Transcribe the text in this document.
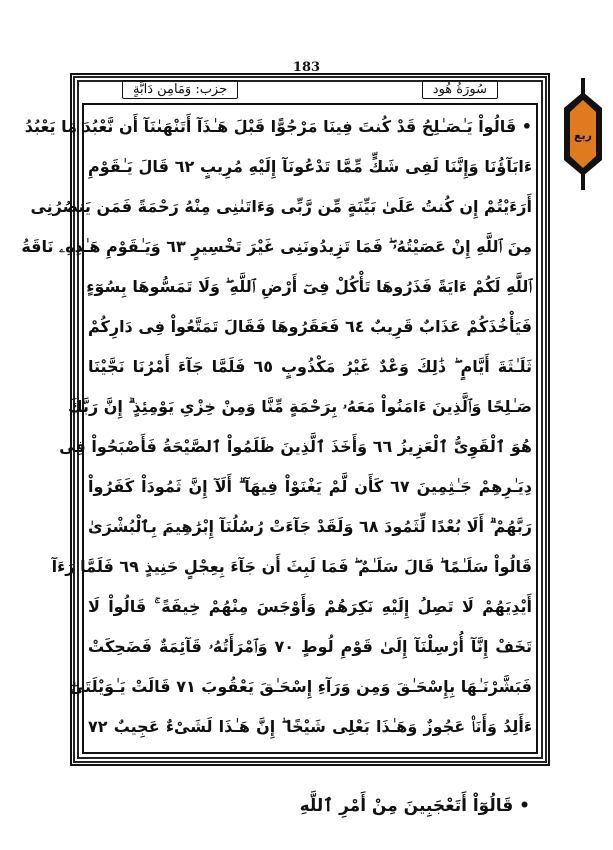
183
سُورَةُ هُود
جزب: وَمَامِن دَآبَّةٍ
• قَالُواْ يَـٰصَـٰلِحُ قَدْ كُنتَ فِينَا مَرْجُوًّا قَبْلَ هَـٰذَآ أَتَنْهَىٰنَآ أَن نَّعْبُدَ مَا يَعْبُدُ
ءَابَآؤُنَا وَإِنَّنَا لَفِى شَكٍّ مِّمَّا تَدْعُونَآ إِلَيْهِ مُرِيبٍ ٦٢ قَالَ يَـٰقَوْمِ
أَرَءَيْتُمْ إِن كُنتُ عَلَىٰ بَيِّنَةٍ مِّن رَّبِّى وَءَاتَىٰنِى مِنْهُ رَحْمَةً فَمَن يَنصُرُنِى
مِنَ ٱللَّهِ إِنْ عَصَيْتُهُۥ ۖ فَمَا تَزِيدُونَنِى غَيْرَ تَخْسِيرٍ ٦٣ وَيَـٰقَوْمِ هَـٰذِهِۦ نَاقَةُ
ٱللَّهِ لَكُمْ ءَايَةً فَذَرُوهَا تَأْكُلْ فِىٓ أَرْضِ ٱللَّهِ ۖ وَلَا تَمَسُّوهَا بِسُوٓءٍ
فَيَأْخُذَكُمْ عَذَابٌ قَرِيبٌ ٦٤ فَعَقَرُوهَا فَقَالَ تَمَتَّعُواْ فِى دَارِكُمْ
ثَلَـٰثَةَ أَيَّامٍ ۖ ذَٰلِكَ وَعْدٌ غَيْرُ مَكْذُوبٍ ٦٥ فَلَمَّا جَآءَ أَمْرُنَا نَجَّيْنَا
صَـٰلِحًا وَٱلَّذِينَ ءَامَنُواْ مَعَهُۥ بِرَحْمَةٍ مِّنَّا وَمِنْ خِزْىِ يَوْمِئِذٍ ۗ إِنَّ رَبَّكَ
هُوَ ٱلْقَوِىُّ ٱلْعَزِيزُ ٦٦ وَأَخَذَ ٱلَّذِينَ ظَلَمُواْ ٱلصَّيْحَةُ فَأَصْبَحُواْ فِى
دِيَـٰرِهِمْ جَـٰثِمِينَ ٦٧ كَأَن لَّمْ يَغْنَوْاْ فِيهَآ ۗ أَلَآ إِنَّ ثَمُودَاْ كَفَرُواْ
رَبَّهُمْ ۗ أَلَا بُعْدًا لِّثَمُودَ ٦٨ وَلَقَدْ جَآءَتْ رُسُلُنَآ إِبْرَٰهِيمَ بِٱلْبُشْرَىٰ
قَالُواْ سَلَـٰمًا ۖ قَالَ سَلَـٰمٌ ۖ فَمَا لَبِثَ أَن جَآءَ بِعِجْلٍ حَنِيذٍ ٦٩ فَلَمَّا رَءَآ
أَيْدِيَهُمْ لَا تَصِلُ إِلَيْهِ نَكِرَهُمْ وَأَوْجَسَ مِنْهُمْ خِيفَةً ۚ قَالُواْ لَا
تَخَفْ إِنَّآ أُرْسِلْنَآ إِلَىٰ قَوْمِ لُوطٍ ٧٠ وَٱمْرَأَتُهُۥ قَآئِمَةٌ فَضَحِكَتْ
فَبَشَّرْنَـٰهَا بِإِسْحَـٰقَ وَمِن وَرَآءِ إِسْحَـٰقَ يَعْقُوبَ ٧١ قَالَتْ يَـٰوَيْلَتَىٰٓ
ءَأَلِدُ وَأَنَا۠ عَجُوزٌ وَهَـٰذَا بَعْلِى شَيْخًا ۖ إِنَّ هَـٰذَا لَشَىْءٌ عَجِيبٌ ٧٢
• قَالُوٓاْ أَتَعْجَبِينَ مِنْ أَمْرِ ٱللَّهِ
ربع
